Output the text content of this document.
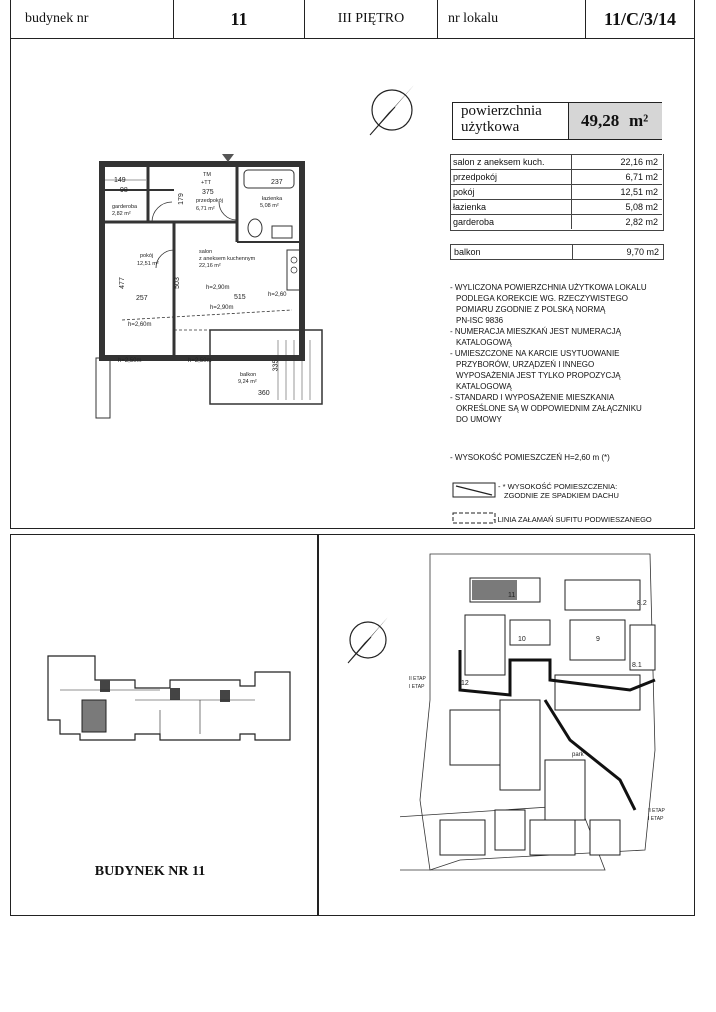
budynek nr	11	III PIĘTRO	nr lokalu	11/C/3/14
powierzchnia
użytkowa	49,28 m²
salon z aneksem kuch.	22,16 m2
przedpokój	6,71 m2
pokój	12,51 m2
łazienka	5,08 m2
garderoba	2,82 m2
balkon	9,70 m2
- WYLICZONA POWIERZCHNIA UŻYTKOWA LOKALU
PODLEGA KOREKCIE WG. RZECZYWISTEGO
POMIARU ZGODNIE Z POLSKĄ NORMĄ
PN-ISC 9836
- NUMERACJA MIESZKAŃ JEST NUMERACJĄ
KATALOGOWĄ
- UMIESZCZONE NA KARCIE USYTUOWANIE
PRZYBORÓW, URZĄDZEŃ I INNEGO
WYPOSAŻENIA JEST TYLKO PROPOZYCJĄ
KATALOGOWĄ
- STANDARD I WYPOSAŻENIE MIESZKANIA
OKREŚLONE SĄ W ODPOWIEDNIM ZAŁĄCZNIKU
DO UMOWY
- WYSOKOŚĆ POMIESZCZEŃ H=2,60 m (*)
- * WYSOKOŚĆ POMIESZCZENIA:
ZGODNIE ZE SPADKIEM DACHU
- LINIA ZAŁAMAŃ SUFITU PODWIESZANEGO
TM
+TT
375
237
przedpokój
6,71 m²
łazienka
5,08 m²
garderoba
2,82 m²
179
149
98
pokój
12,51 m²
salon
z aneksem kuchennym
22,16 m²
477	503	h=2,90m
257	515	h=2,60
h=2,90m
h=2,60m
h=2,50m	h=2,50m
balkon
9,24 m²
335
360
BUDYNEK NR 11
II ETAP
I ETAP
II ETAP
I ETAP
11
10	9
8.2
8.1
12
park
